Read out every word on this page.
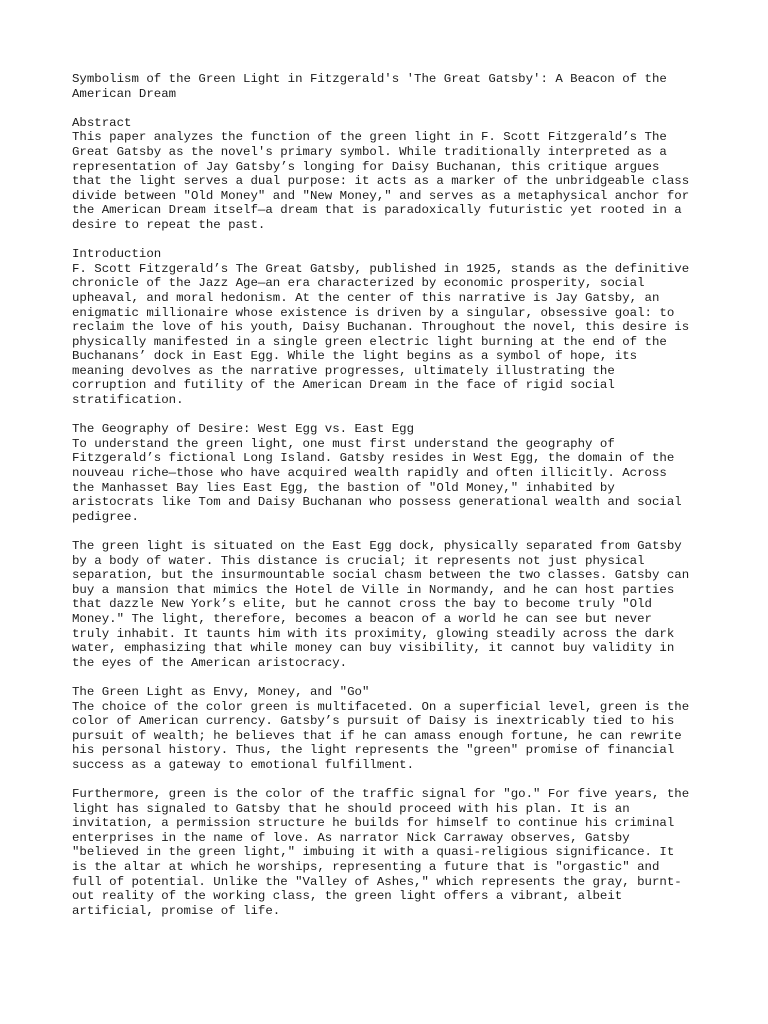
Symbolism of the Green Light in Fitzgerald's 'The Great Gatsby': A Beacon of the
American Dream
Abstract
This paper analyzes the function of the green light in F. Scott Fitzgerald’s The
Great Gatsby as the novel's primary symbol. While traditionally interpreted as a
representation of Jay Gatsby’s longing for Daisy Buchanan, this critique argues
that the light serves a dual purpose: it acts as a marker of the unbridgeable class
divide between "Old Money" and "New Money," and serves as a metaphysical anchor for
the American Dream itself—a dream that is paradoxically futuristic yet rooted in a
desire to repeat the past.
Introduction
F. Scott Fitzgerald’s The Great Gatsby, published in 1925, stands as the definitive
chronicle of the Jazz Age—an era characterized by economic prosperity, social
upheaval, and moral hedonism. At the center of this narrative is Jay Gatsby, an
enigmatic millionaire whose existence is driven by a singular, obsessive goal: to
reclaim the love of his youth, Daisy Buchanan. Throughout the novel, this desire is
physically manifested in a single green electric light burning at the end of the
Buchanans’ dock in East Egg. While the light begins as a symbol of hope, its
meaning devolves as the narrative progresses, ultimately illustrating the
corruption and futility of the American Dream in the face of rigid social
stratification.
The Geography of Desire: West Egg vs. East Egg
To understand the green light, one must first understand the geography of
Fitzgerald’s fictional Long Island. Gatsby resides in West Egg, the domain of the
nouveau riche—those who have acquired wealth rapidly and often illicitly. Across
the Manhasset Bay lies East Egg, the bastion of "Old Money," inhabited by
aristocrats like Tom and Daisy Buchanan who possess generational wealth and social
pedigree.
The green light is situated on the East Egg dock, physically separated from Gatsby
by a body of water. This distance is crucial; it represents not just physical
separation, but the insurmountable social chasm between the two classes. Gatsby can
buy a mansion that mimics the Hotel de Ville in Normandy, and he can host parties
that dazzle New York’s elite, but he cannot cross the bay to become truly "Old
Money." The light, therefore, becomes a beacon of a world he can see but never
truly inhabit. It taunts him with its proximity, glowing steadily across the dark
water, emphasizing that while money can buy visibility, it cannot buy validity in
the eyes of the American aristocracy.
The Green Light as Envy, Money, and "Go"
The choice of the color green is multifaceted. On a superficial level, green is the
color of American currency. Gatsby’s pursuit of Daisy is inextricably tied to his
pursuit of wealth; he believes that if he can amass enough fortune, he can rewrite
his personal history. Thus, the light represents the "green" promise of financial
success as a gateway to emotional fulfillment.
Furthermore, green is the color of the traffic signal for "go." For five years, the
light has signaled to Gatsby that he should proceed with his plan. It is an
invitation, a permission structure he builds for himself to continue his criminal
enterprises in the name of love. As narrator Nick Carraway observes, Gatsby
"believed in the green light," imbuing it with a quasi-religious significance. It
is the altar at which he worships, representing a future that is "orgastic" and
full of potential. Unlike the "Valley of Ashes," which represents the gray, burnt-
out reality of the working class, the green light offers a vibrant, albeit
artificial, promise of life.
